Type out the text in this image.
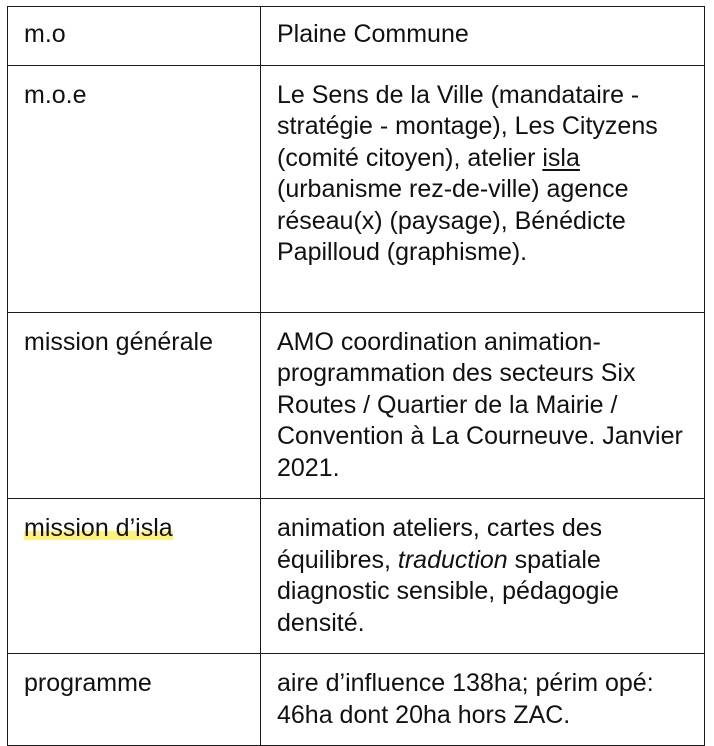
m.o	Plaine Commune
m.o.e	Le Sens de la Ville (mandataire - stratégie - montage), Les Cityzens (comité citoyen), atelier isla (urbanisme rez-de-ville) agence réseau(x) (paysage), Bénédicte Papilloud (graphisme).
mission générale	AMO coordination animation-programmation des secteurs Six Routes / Quartier de la Mairie / Convention à La Courneuve. Janvier 2021.
mission d’isla	animation ateliers, cartes des équilibres, traduction spatiale diagnostic sensible, pédagogie densité.
programme	aire d’influence 138ha; périm opé: 46ha dont 20ha hors ZAC.
